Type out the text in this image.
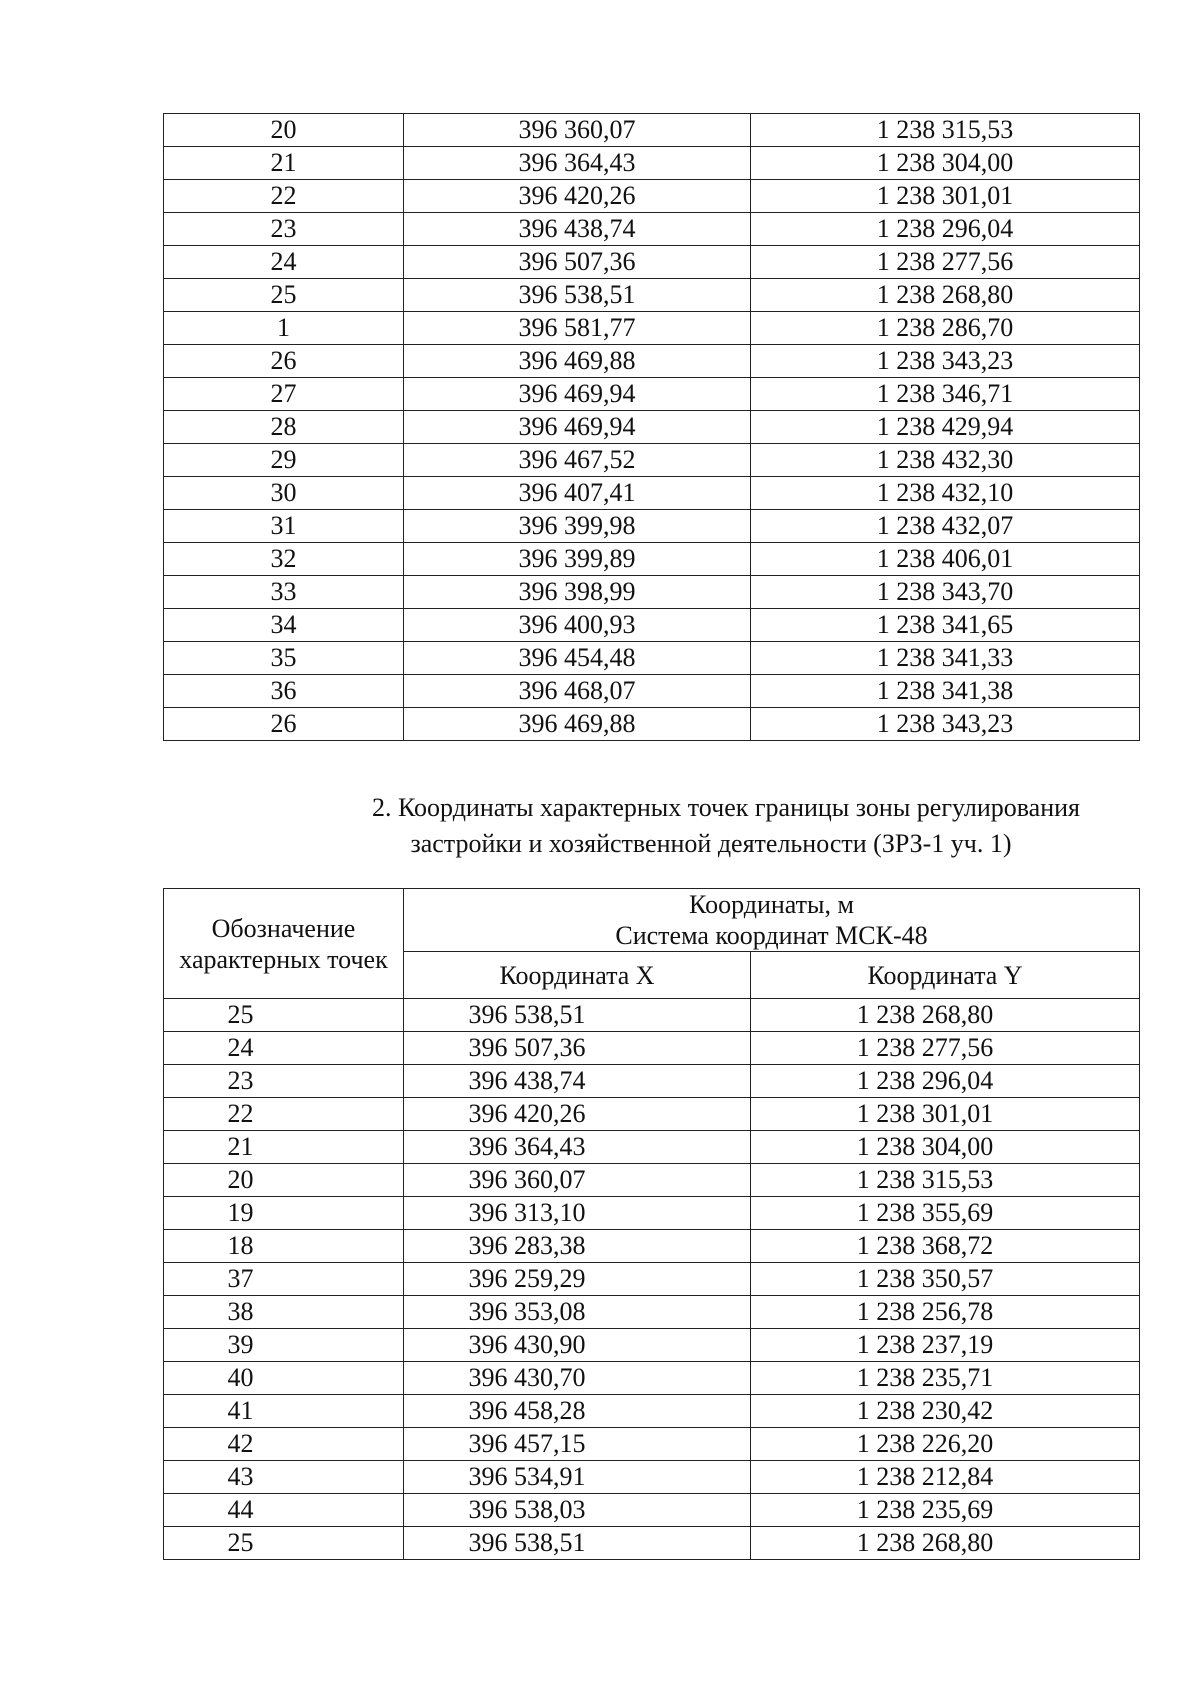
20	396 360,07	1 238 315,53
21	396 364,43	1 238 304,00
22	396 420,26	1 238 301,01
23	396 438,74	1 238 296,04
24	396 507,36	1 238 277,56
25	396 538,51	1 238 268,80
1	396 581,77	1 238 286,70
26	396 469,88	1 238 343,23
27	396 469,94	1 238 346,71
28	396 469,94	1 238 429,94
29	396 467,52	1 238 432,30
30	396 407,41	1 238 432,10
31	396 399,98	1 238 432,07
32	396 399,89	1 238 406,01
33	396 398,99	1 238 343,70
34	396 400,93	1 238 341,65
35	396 454,48	1 238 341,33
36	396 468,07	1 238 341,38
26	396 469,88	1 238 343,23
2. Координаты характерных точек границы зоны регулирования
застройки и хозяйственной деятельности (ЗРЗ-1 уч. 1)
Обозначение характерных точек	Координаты, м
Система координат МСК-48	

	Координата X	Координата Y
25	396 538,51	1 238 268,80
24	396 507,36	1 238 277,56
23	396 438,74	1 238 296,04
22	396 420,26	1 238 301,01
21	396 364,43	1 238 304,00
20	396 360,07	1 238 315,53
19	396 313,10	1 238 355,69
18	396 283,38	1 238 368,72
37	396 259,29	1 238 350,57
38	396 353,08	1 238 256,78
39	396 430,90	1 238 237,19
40	396 430,70	1 238 235,71
41	396 458,28	1 238 230,42
42	396 457,15	1 238 226,20
43	396 534,91	1 238 212,84
44	396 538,03	1 238 235,69
25	396 538,51	1 238 268,80
